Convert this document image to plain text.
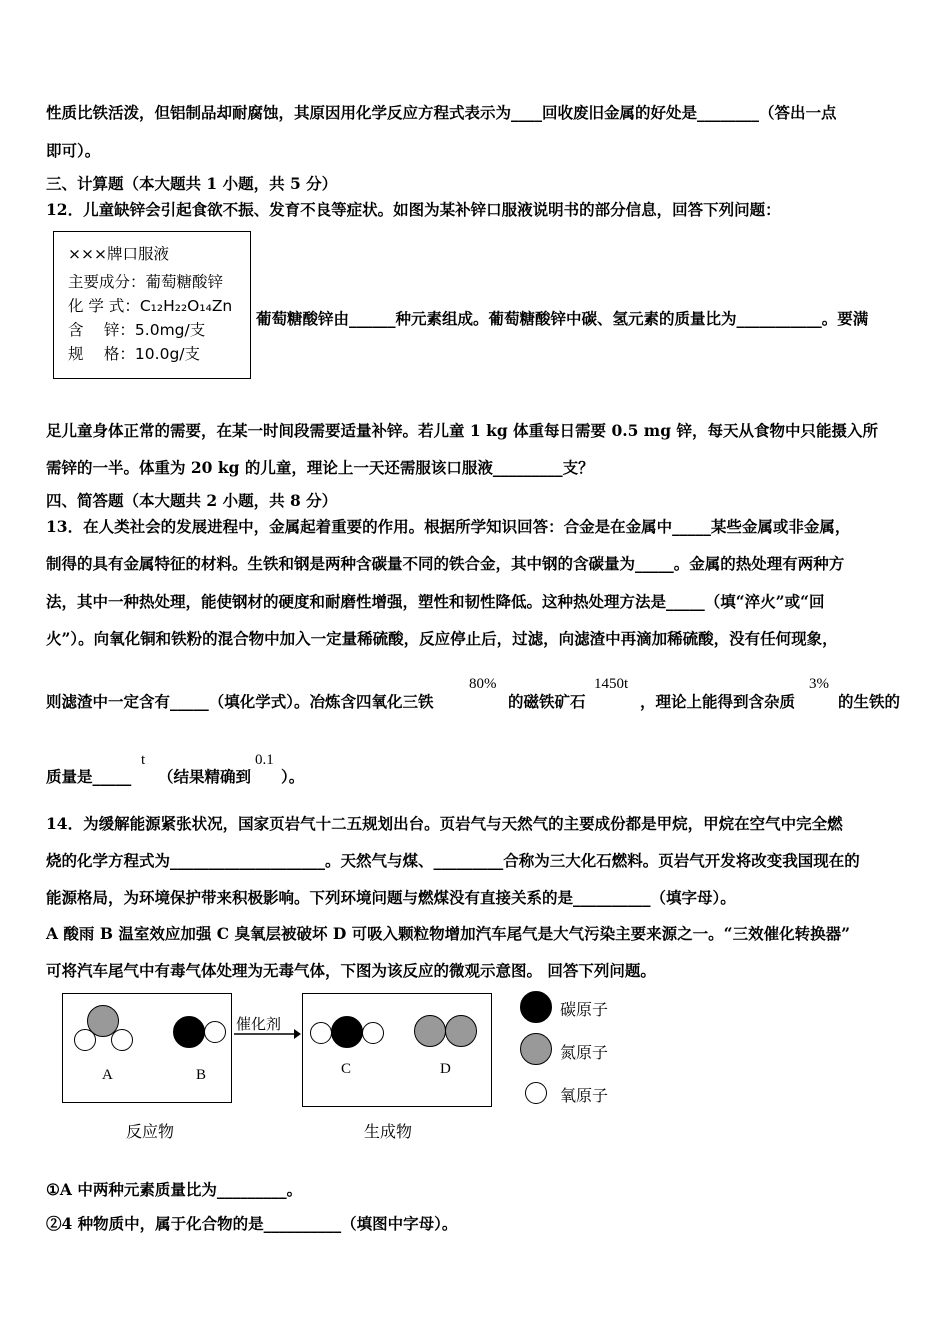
性质比铁活泼，但铝制品却耐腐蚀，其原因用化学反应方程式表示为____回收废旧金属的好处是________（答出一点
即可）。
三、计算题（本大题共 1 小题，共 5 分）
12．儿童缺锌会引起食欲不振、发育不良等症状。如图为某补锌口服液说明书的部分信息，回答下列问题：
×××牌口服液
主要成分：葡萄糖酸锌
化 学 式：C₁₂H₂₂O₁₄Zn
含　 锌：5.0mg/支
规　 格：10.0g/支
葡萄糖酸锌由______种元素组成。葡萄糖酸锌中碳、氢元素的质量比为___________。要满
足儿童身体正常的需要，在某一时间段需要适量补锌。若儿童 1 kg 体重每日需要 0.5 mg 锌，每天从食物中只能摄入所
需锌的一半。体重为 20 kg 的儿童，理论上一天还需服该口服液_________支？
四、简答题（本大题共 2 小题，共 8 分）
13．在人类社会的发展进程中，金属起着重要的作用。根据所学知识回答：合金是在金属中_____某些金属或非金属，
制得的具有金属特征的材料。生铁和钢是两种含碳量不同的铁合金，其中钢的含碳量为_____。金属的热处理有两种方
法，其中一种热处理，能使钢材的硬度和耐磨性增强，塑性和韧性降低。这种热处理方法是_____（填“淬火”或“回
火”）。向氧化铜和铁粉的混合物中加入一定量稀硫酸，反应停止后，过滤，向滤渣中再滴加稀硫酸，没有任何现象，
则滤渣中一定含有_____（填化学式）。冶炼含四氧化三铁
80%
的磁铁矿石
1450t
，理论上能得到含杂质
3%
的生铁的
质量是_____
t
（结果精确到
0.1
）。
14．为缓解能源紧张状况，国家页岩气十二五规划出台。页岩气与天然气的主要成份都是甲烷，甲烷在空气中完全燃
烧的化学方程式为____________________。天然气与煤、_________合称为三大化石燃料。页岩气开发将改变我国现在的
能源格局，为环境保护带来积极影响。下列环境问题与燃煤没有直接关系的是__________（填字母）。
A 酸雨 B 温室效应加强 C 臭氧层被破坏 D 可吸入颗粒物增加汽车尾气是大气污染主要来源之一。“三效催化转换器”
可将汽车尾气中有毒气体处理为无毒气体，下图为该反应的微观示意图。 回答下列问题。
A	B
催化剂
C	D
反应物	生成物
碳原子
氮原子
氧原子
①A 中两种元素质量比为_________。
②4 种物质中，属于化合物的是__________（填图中字母）。
